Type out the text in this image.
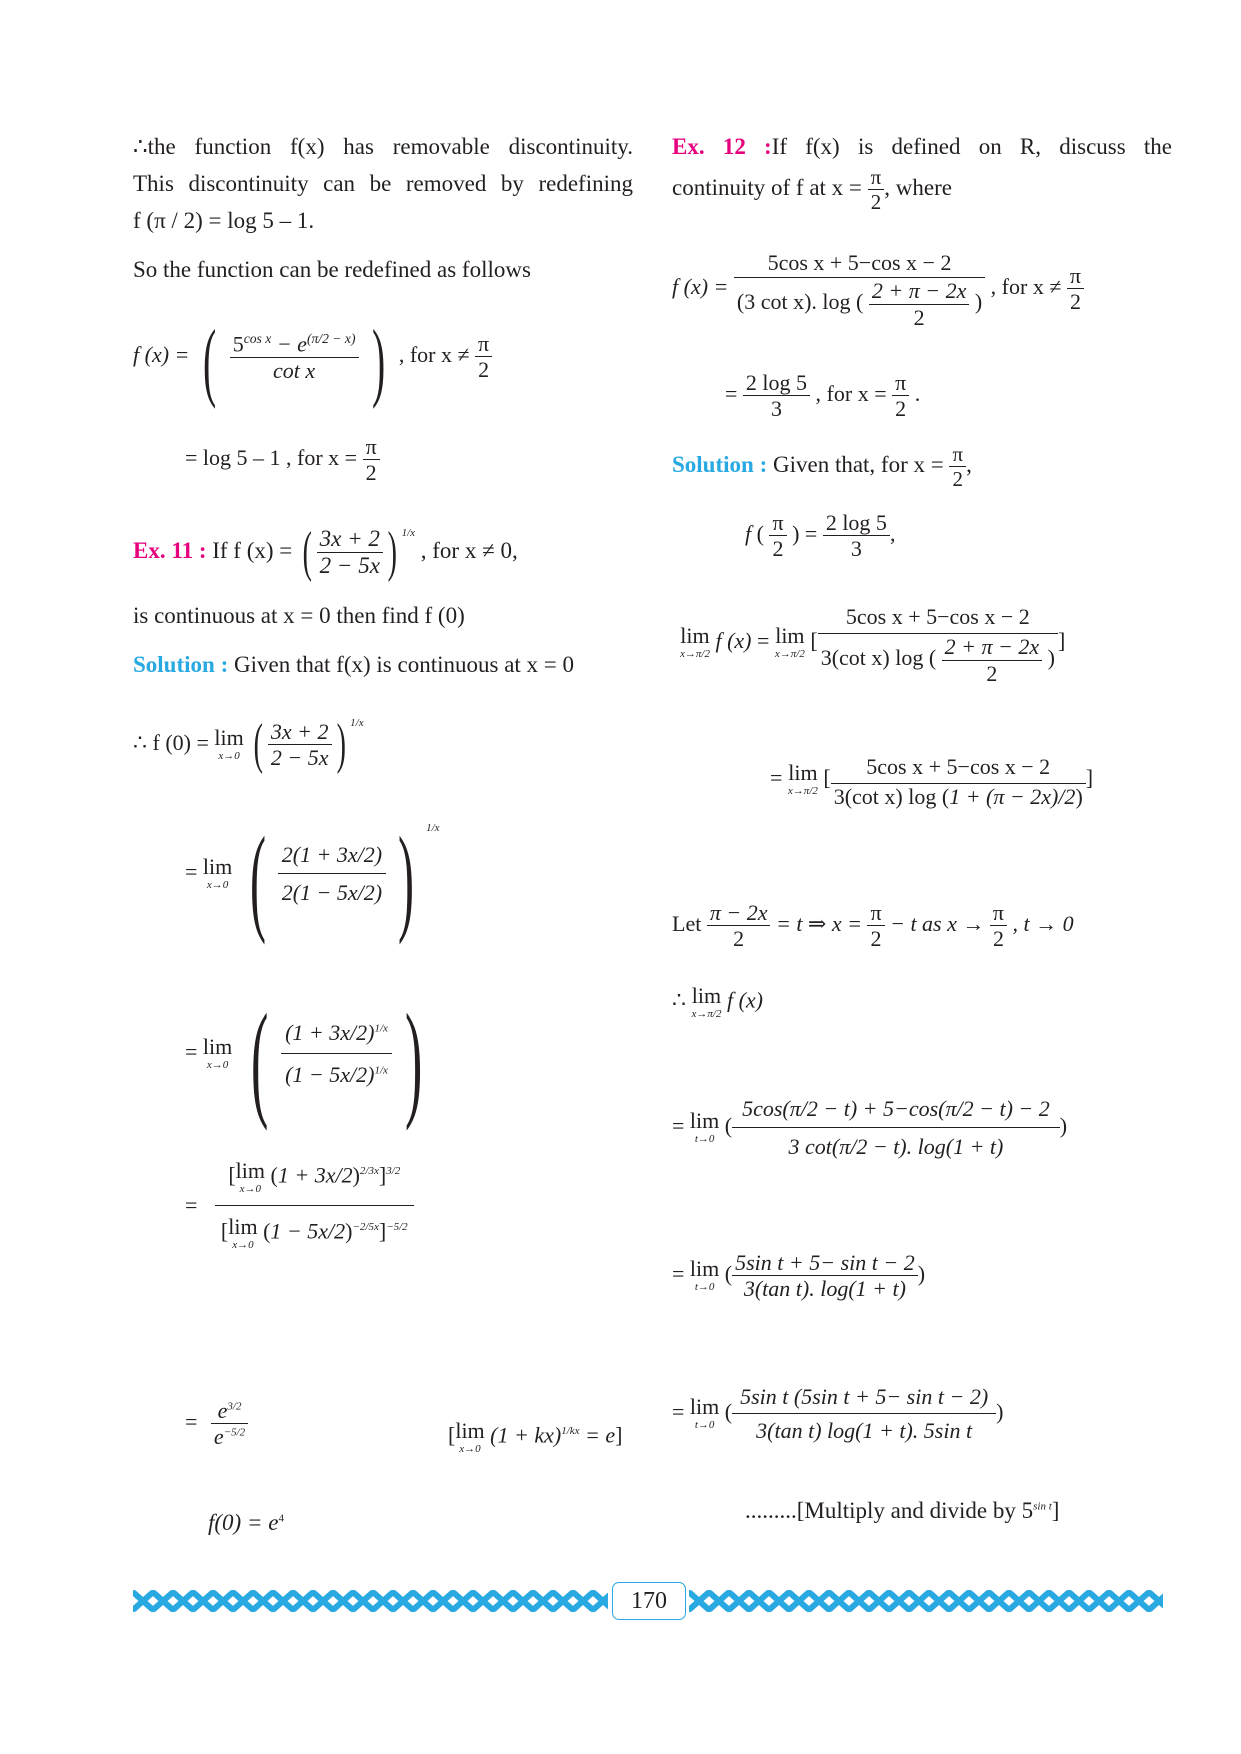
∴the function f(x) has removable discontinuity.

This discontinuity can be removed by redefining

f (π / 2) = log 5 – 1.

So the function can be redefined as follows

f (x) = ( $\frac{5^{cos x} - e^{(\pi/2 - x)}}{\text{cot x}}$ ) , for $x \ne \frac{\pi}{2}$
= log 5 – 1 , for $x = \frac{\pi}{2}$
Ex. 11 : If f (x) = ( $\frac{3x + 2}{2 - 5x}$ ) $^{1/x}$ , for x ≠ 0,

is continuous at x = 0 then find f (0)

Solution : Given that f(x) is continuous at x = 0

∴ f (0) = lim
x→0 ( $\frac{3x + 2}{2 - 5x}$ ) $^{1/x}$
= lim
x→0 ( $\frac{2(1 + 3x/2)}{2(1 - 5x/2)}$ ) $^{1/x}$
= lim
x→0 ( $\frac{(1 + 3x/2)^{1/x}}{(1 - 5x/2)^{1/x}}$ )
= [lim
x→0
$(1 + 3x/2)^{2/3x}]^{3/2}$
[lim
x→0
$(1 - 5x/2)^{-2/5x}]^{-5/2}$
= $\frac{e^{3/2}}{e^{-5/2}}$	[lim
x→0
(1 + kx)$^{1/kx}$ = e]
$f(0) = e^4$

Ex. 12 :If f(x) is defined on R, discuss the

continuity of f at $x = \frac{\pi}{2}$ , where

f $(x) = \frac{\text{5cos x + 5−cos x − 2}}{(3 \cot x). \log ( \frac{2 + \pi - 2x}{2} )}$ , for $x \ne \frac{\pi}{2}$
= $\frac{2 \log 5}{3}$ , for $x = \frac{\pi}{2}$ .
Solution : Given that, for $x = \frac{\pi}{2}$ ,
f ( $\frac{\pi}{2}$ ) = $\frac{2 \log 5}{3}$ ,
lim
x→π/2
f (x) = lim
x→π/2
[ $\frac{\text{5cos x + 5−cos x − 2}}{3(\cot x) \log ( \frac{2 + \pi - 2x}{2} )}$ ]
= lim
x→π/2
[ $\frac{\text{5cos x + 5−cos x − 2}}{\text{3(cot x) log (1 + (π − 2x)/2)}}$ ]
Let $\frac{\pi - 2x}{2} = t$ ⇒ $x = \frac{\pi}{2} - t$ as $x \to \frac{\pi}{2}$ , t → 0
∴ lim
x→π/2
f (x)
= lim
t→0
( $\frac{5\cos(\pi/2 - t) + 5-\cos(\pi/2 - t) - 2}{3 \cot(\pi/2 - t). \log(1 + t)}$ )
= lim
t→0
( $\frac{\text{5sin t + 5− sin t − 2}}{\text{3(tan t). log(1 + t)}}$ )
= lim
t→0
( $\frac{\text{5sin t (5sin t + 5− sin t − 2)}}{\text{3(tan t) log(1 + t). 5sin t}}$ )
.........[Multiply and divide by $5^{sin t}$]
170
